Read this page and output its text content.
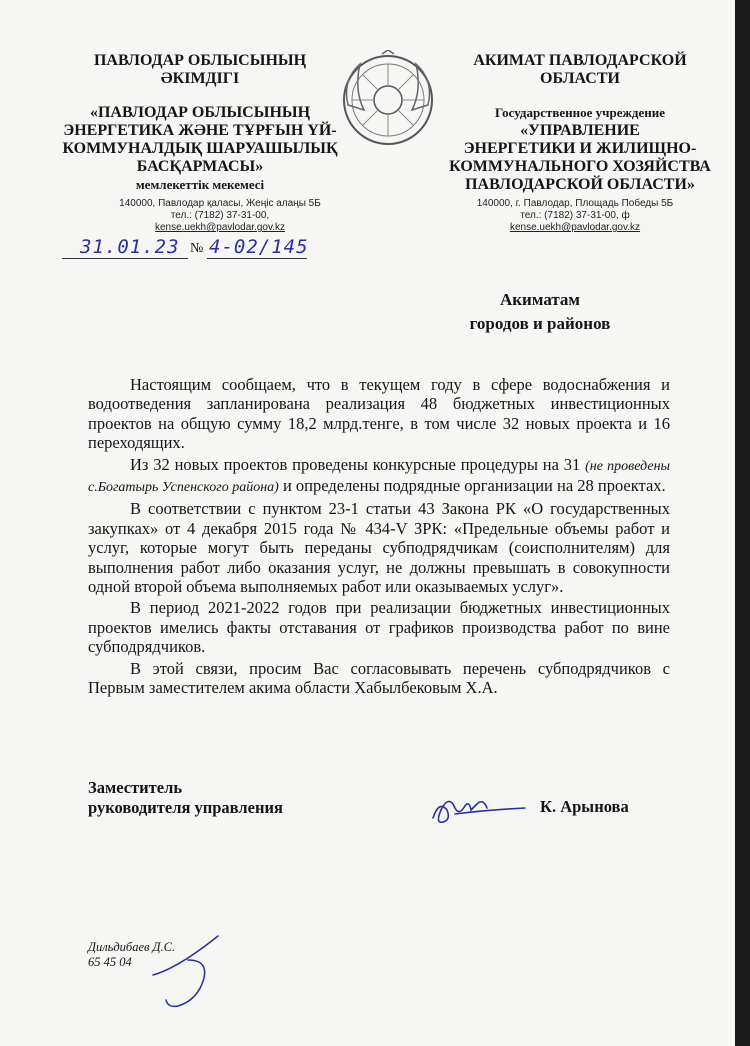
ПАВЛОДАР ОБЛЫСЫНЫҢ
ӘКІМДІГІ
«ПАВЛОДАР ОБЛЫСЫНЫҢ
ЭНЕРГЕТИКА ЖӘНЕ ТҰРҒЫН ҮЙ-
КОММУНАЛДЫҚ ШАРУАШЫЛЫҚ
БАСҚАРМАСЫ»
мемлекеттік мекемесі
АКИМАТ ПАВЛОДАРСКОЙ
ОБЛАСТИ
Государственное учреждение
«УПРАВЛЕНИЕ
ЭНЕРГЕТИКИ И ЖИЛИЩНО-
КОММУНАЛЬНОГО ХОЗЯЙСТВА
ПАВЛОДАРСКОЙ ОБЛАСТИ»
140000, Павлодар қаласы, Жеңіс алаңы 5Б
тел.: (7182) 37-31-00,
kense.uekh@pavlodar.gov.kz
140000, г. Павлодар, Площадь Победы 5Б
тел.: (7182) 37-31-00, ф
kense.uekh@pavlodar.gov.kz
31.01.23 № 4-02/145
Акиматам
городов и районов

Настоящим сообщаем, что в текущем году в сфере водоснабжения и водоотведения запланирована реализация 48 бюджетных инвестиционных проектов на общую сумму 18,2 млрд.тенге, в том числе 32 новых проекта и 16 переходящих.

Из 32 новых проектов проведены конкурсные процедуры на 31 (не проведены с.Богатырь Успенского района) и определены подрядные организации на 28 проектах.

В соответствии с пунктом 23-1 статьи 43 Закона РК «О государственных закупках» от 4 декабря 2015 года № 434-V ЗРК: «Предельные объемы работ и услуг, которые могут быть переданы субподрядчикам (соисполнителям) для выполнения работ либо оказания услуг, не должны превышать в совокупности одной второй объема выполняемых работ или оказываемых услуг».

В период 2021-2022 годов при реализации бюджетных инвестиционных проектов имелись факты отставания от графиков производства работ по вине субподрядчиков.

В этой связи, просим Вас согласовывать перечень субподрядчиков с Первым заместителем акима области Хабылбековым Х.А.

Заместитель
руководителя управления	К. Арынова
Дильдибаев Д.С.
65 45 04
